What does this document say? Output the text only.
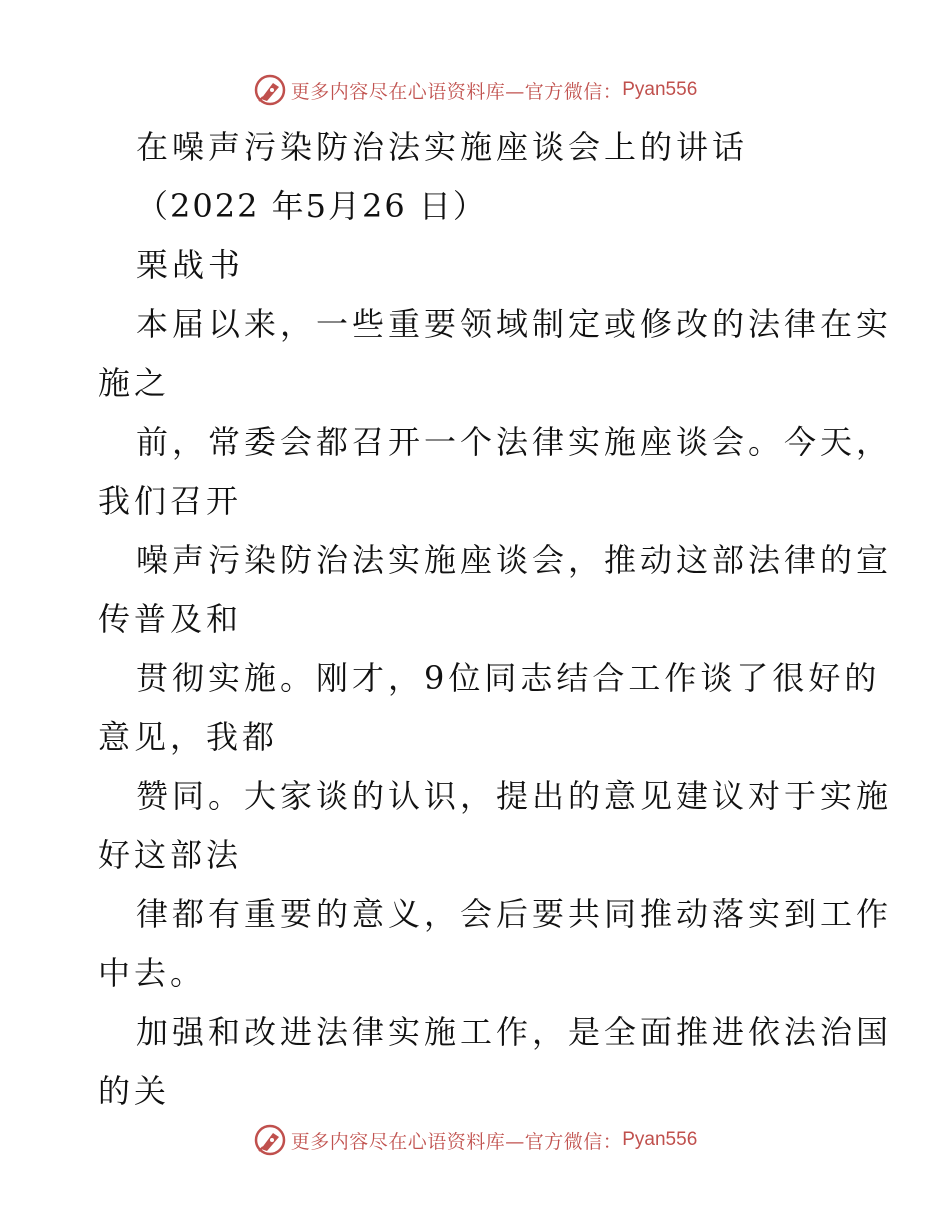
更多内容尽在心语资料库—官方微信： Pyan556
在噪声污染防治法实施座谈会上的讲话
（2022 年5月26 日）
栗战书
本届以来，一些重要领域制定或修改的法律在实
施之
前，常委会都召开一个法律实施座谈会。今天，
我们召开
噪声污染防治法实施座谈会，推动这部法律的宣
传普及和
贯彻实施。刚才，9位同志结合工作谈了很好的
意见，我都
赞同。大家谈的认识，提出的意见建议对于实施
好这部法
律都有重要的意义，会后要共同推动落实到工作
中去。
加强和改进法律实施工作，是全面推进依法治国
的关
更多内容尽在心语资料库—官方微信： Pyan556
